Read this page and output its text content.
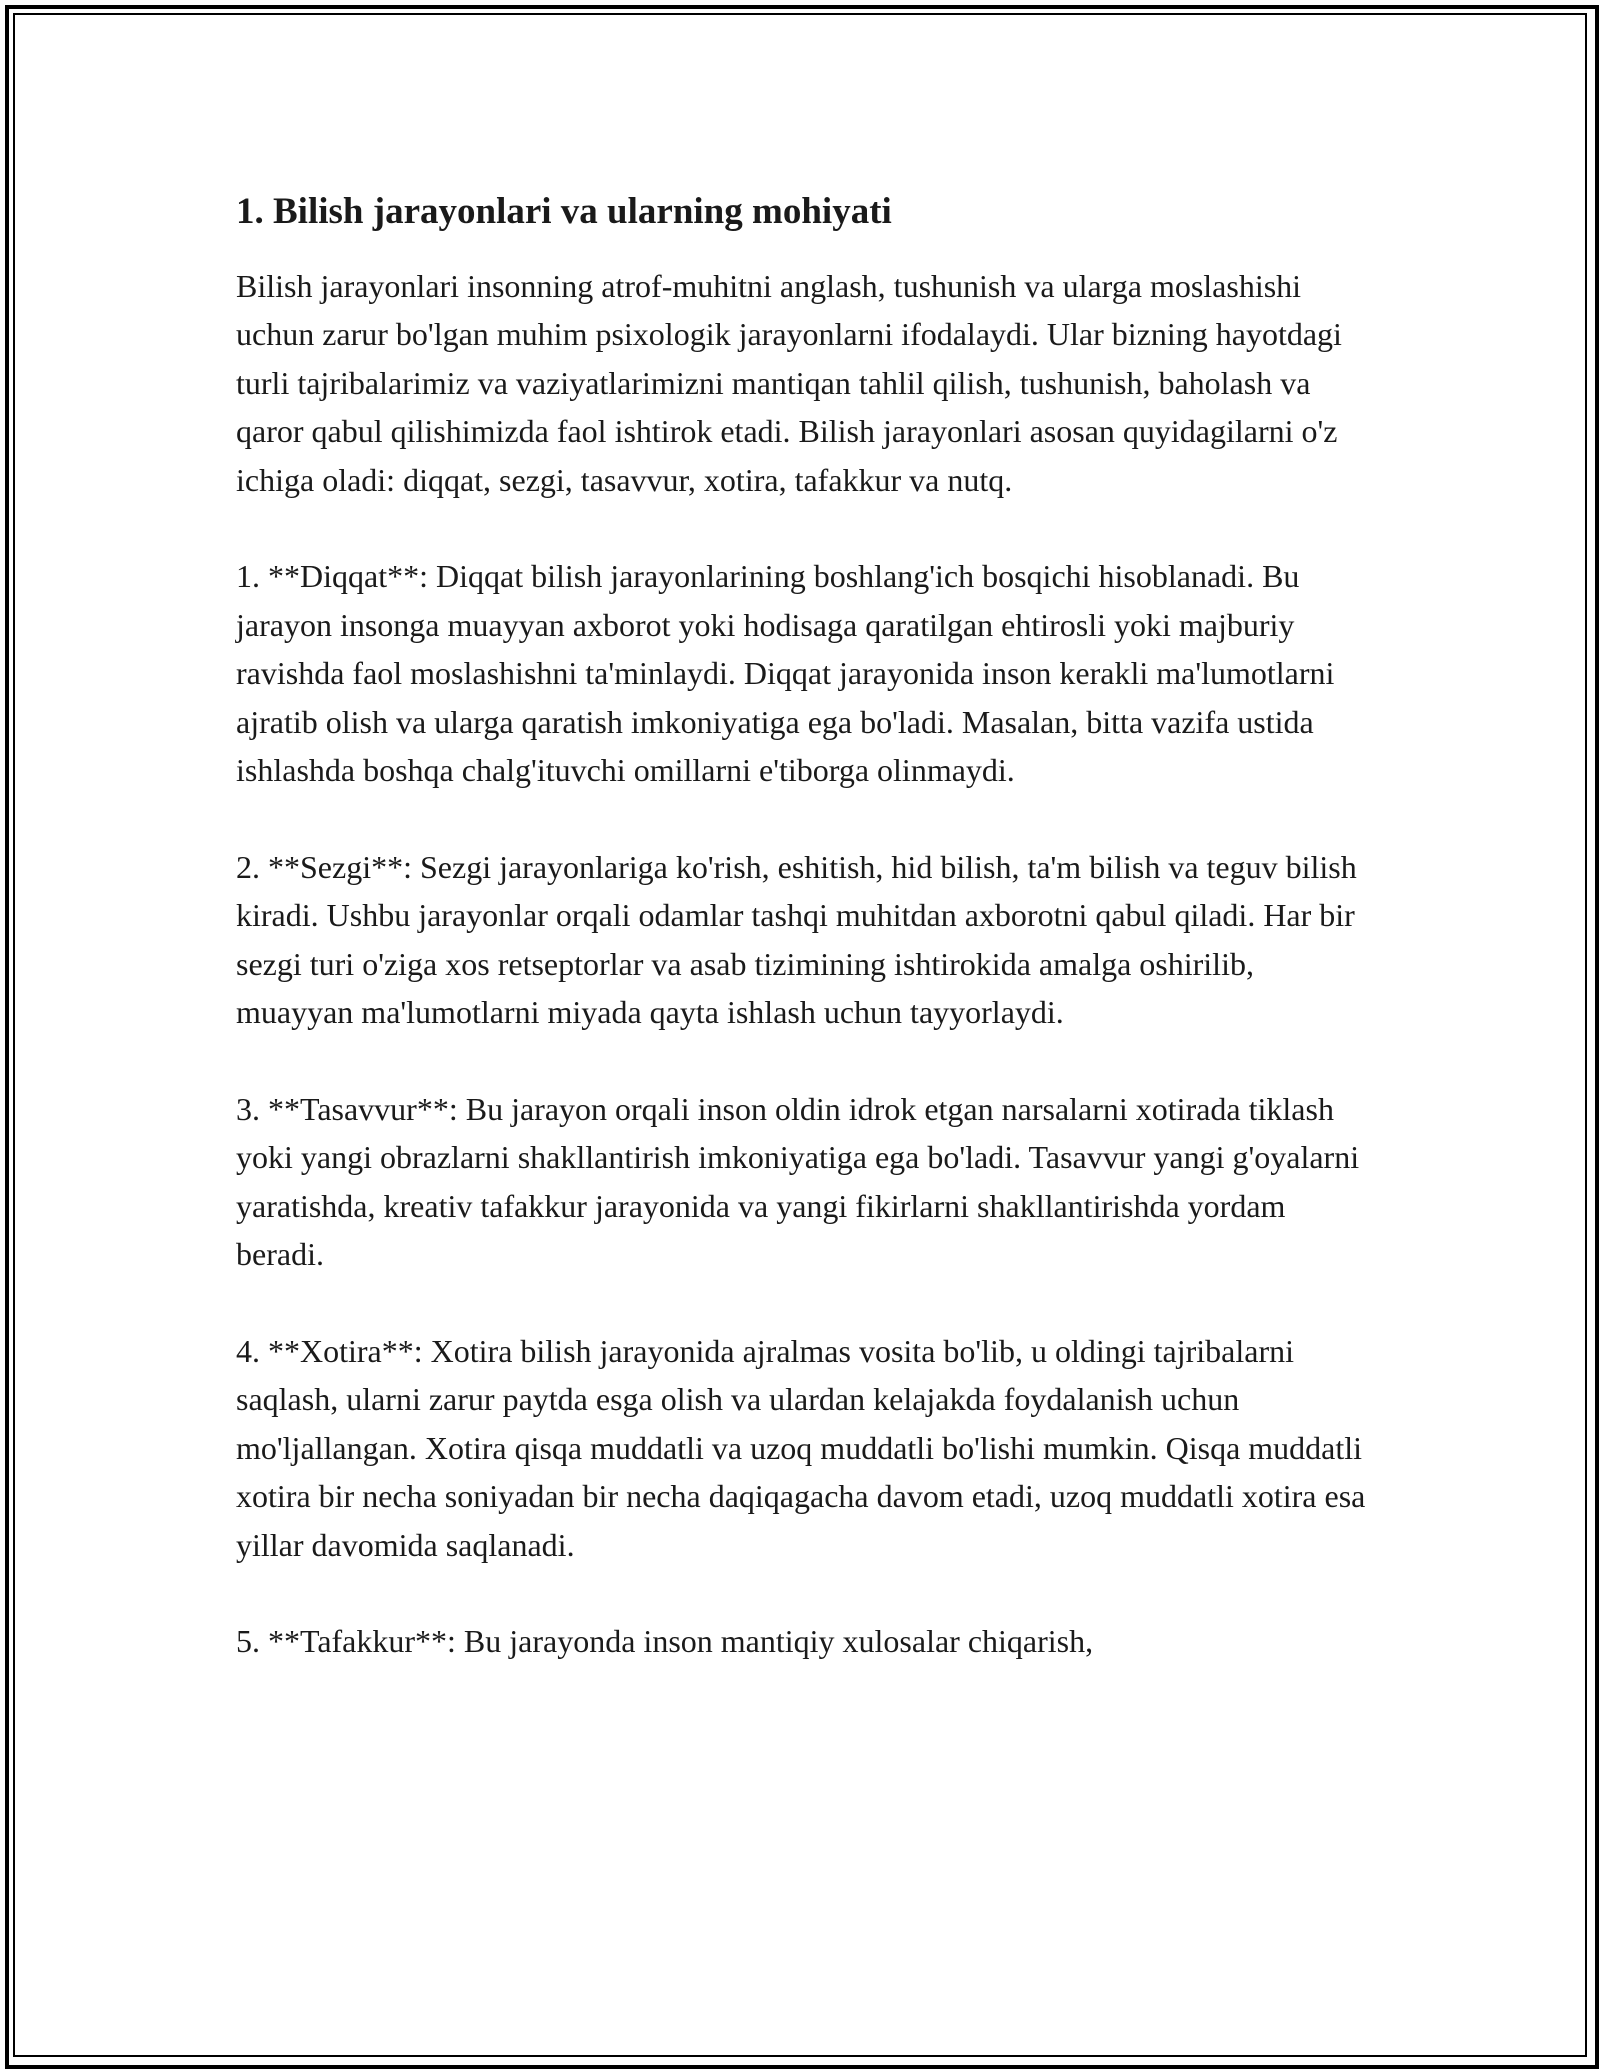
1. Bilish jarayonlari va ularning mohiyati

Bilish jarayonlari insonning atrof-muhitni anglash, tushunish va ularga moslashishi uchun zarur bo'lgan muhim psixologik jarayonlarni ifodalaydi. Ular bizning hayotdagi turli tajribalarimiz va vaziyatlarimizni mantiqan tahlil qilish, tushunish, baholash va qaror qabul qilishimizda faol ishtirok etadi. Bilish jarayonlari asosan quyidagilarni o'z ichiga oladi: diqqat, sezgi, tasavvur, xotira, tafakkur va nutq.

1. **Diqqat**: Diqqat bilish jarayonlarining boshlang'ich bosqichi hisoblanadi. Bu jarayon insonga muayyan axborot yoki hodisaga qaratilgan ehtirosli yoki majburiy ravishda faol moslashishni ta'minlaydi. Diqqat jarayonida inson kerakli ma'lumotlarni ajratib olish va ularga qaratish imkoniyatiga ega bo'ladi. Masalan, bitta vazifa ustida ishlashda boshqa chalg'ituvchi omillarni e'tiborga olinmaydi.

2. **Sezgi**: Sezgi jarayonlariga ko'rish, eshitish, hid bilish, ta'm bilish va teguv bilish kiradi. Ushbu jarayonlar orqali odamlar tashqi muhitdan axborotni qabul qiladi. Har bir sezgi turi o'ziga xos retseptorlar va asab tizimining ishtirokida amalga oshirilib, muayyan ma'lumotlarni miyada qayta ishlash uchun tayyorlaydi.

3. **Tasavvur**: Bu jarayon orqali inson oldin idrok etgan narsalarni xotirada tiklash yoki yangi obrazlarni shakllantirish imkoniyatiga ega bo'ladi. Tasavvur yangi g'oyalarni yaratishda, kreativ tafakkur jarayonida va yangi fikirlarni shakllantirishda yordam beradi.

4. **Xotira**: Xotira bilish jarayonida ajralmas vosita bo'lib, u oldingi tajribalarni saqlash, ularni zarur paytda esga olish va ulardan kelajakda foydalanish uchun mo'ljallangan. Xotira qisqa muddatli va uzoq muddatli bo'lishi mumkin. Qisqa muddatli xotira bir necha soniyadan bir necha daqiqagacha davom etadi, uzoq muddatli xotira esa yillar davomida saqlanadi.

5. **Tafakkur**: Bu jarayonda inson mantiqiy xulosalar chiqarish,
